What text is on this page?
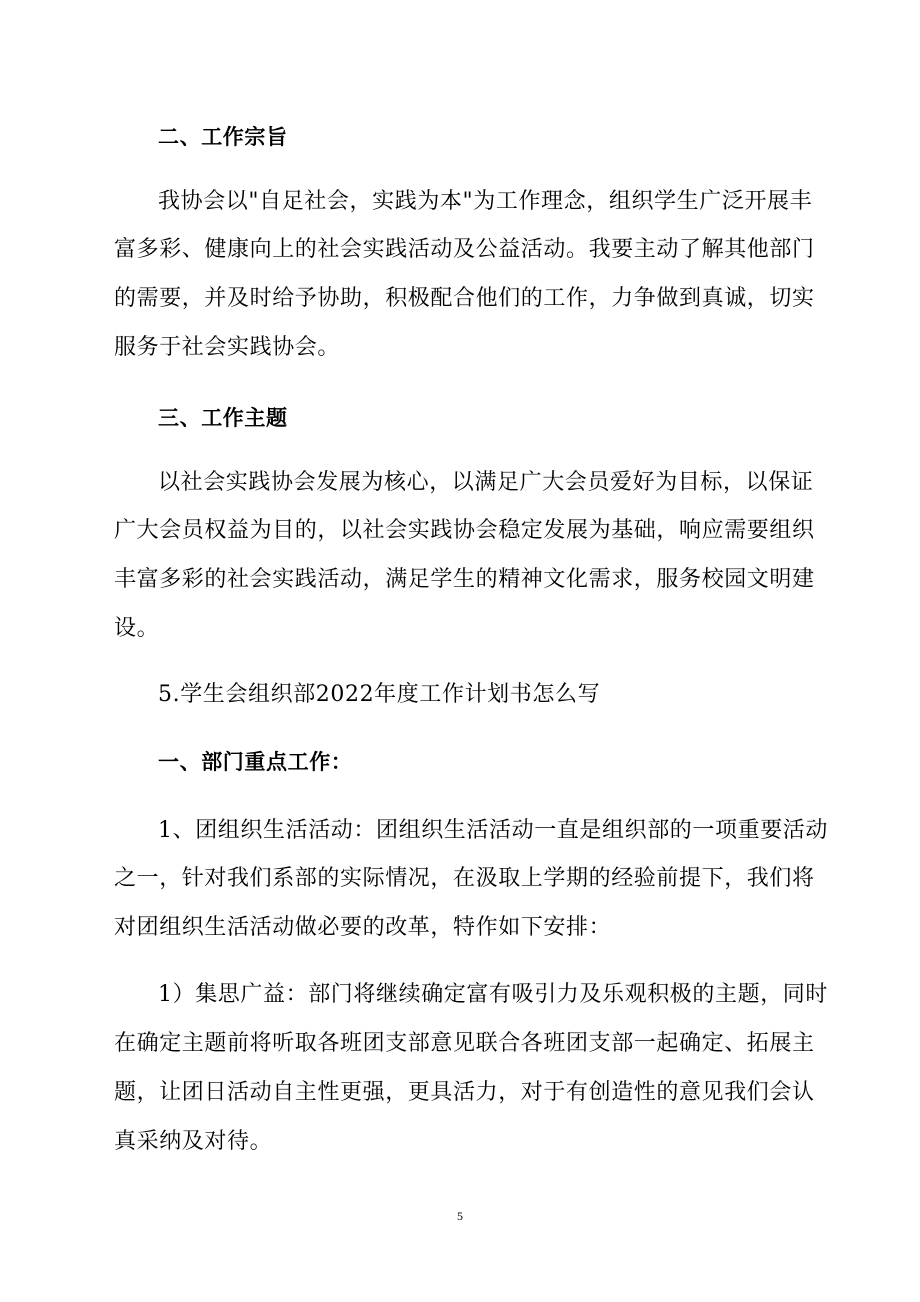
二、工作宗旨
我协会以"自足社会，实践为本"为工作理念，组织学生广泛开展丰
富多彩、健康向上的社会实践活动及公益活动。我要主动了解其他部门
的需要，并及时给予协助，积极配合他们的工作，力争做到真诚，切实
服务于社会实践协会。
三、工作主题
以社会实践协会发展为核心，以满足广大会员爱好为目标，以保证
广大会员权益为目的，以社会实践协会稳定发展为基础，响应需要组织
丰富多彩的社会实践活动，满足学生的精神文化需求，服务校园文明建
设。
5.学生会组织部2022年度工作计划书怎么写
一、部门重点工作：
1、团组织生活活动：团组织生活活动一直是组织部的一项重要活动
之一，针对我们系部的实际情况，在汲取上学期的经验前提下，我们将
对团组织生活活动做必要的改革，特作如下安排：
1）集思广益：部门将继续确定富有吸引力及乐观积极的主题，同时
在确定主题前将听取各班团支部意见联合各班团支部一起确定、拓展主
题，让团日活动自主性更强，更具活力，对于有创造性的意见我们会认
真采纳及对待。
5
